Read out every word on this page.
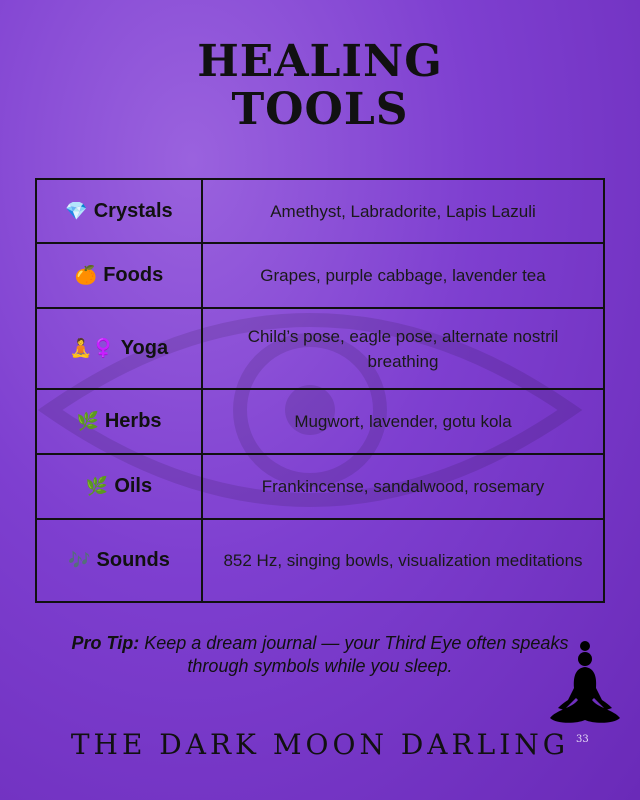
HEALING
TOOLS
💎 Crystals	Amethyst, Labradorite, Lapis Lazuli
🍊 Foods	Grapes, purple cabbage, lavender tea
🧘♀️ Yoga	Child’s pose, eagle pose, alternate nostril breathing
🌿 Herbs	Mugwort, lavender, gotu kola
🌿 Oils	Frankincense, sandalwood, rosemary
🎶 Sounds	852 Hz, singing bowls, visualization meditations
Pro Tip: Keep a dream journal — your Third Eye often speaks through symbols while you sleep.
THE DARK MOON DARLING 33
